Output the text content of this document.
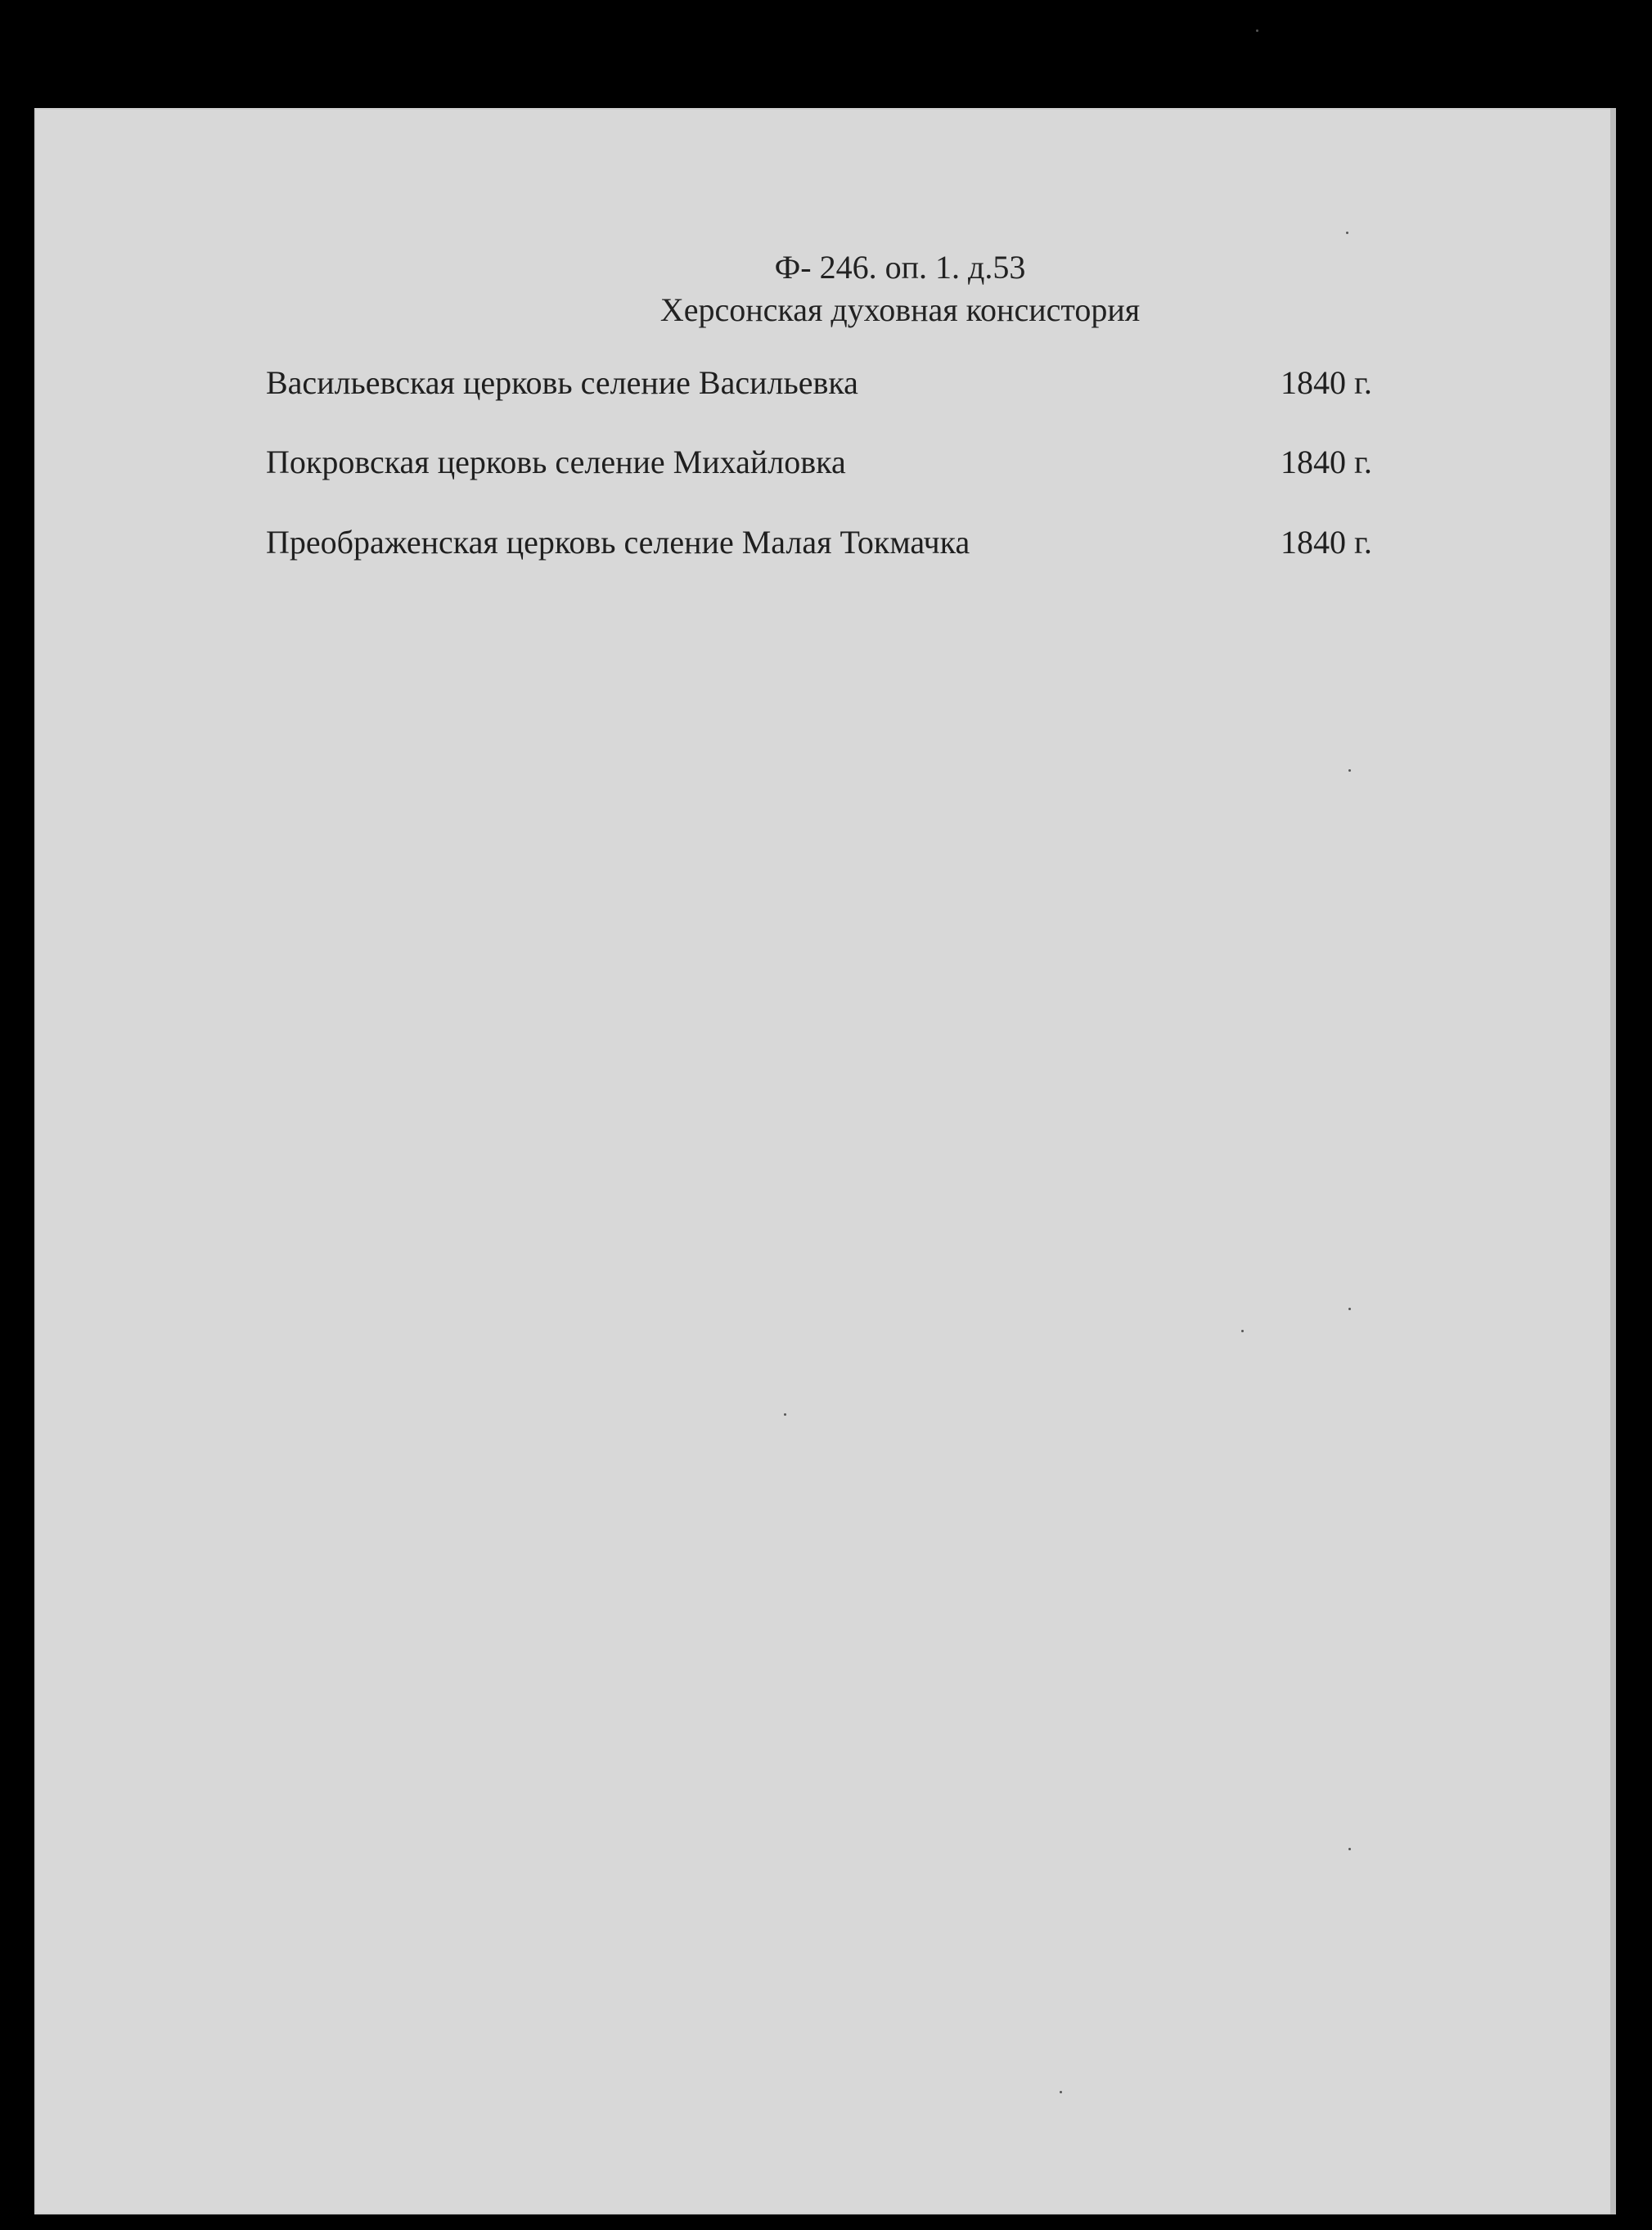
Ф- 246. оп. 1. д.53
Херсонская духовная консистория
Васильевская церковь селение Васильевка	1840 г.
Покровская церковь селение Михайловка	1840 г.
Преображенская церковь селение Малая Токмачка	1840 г.
